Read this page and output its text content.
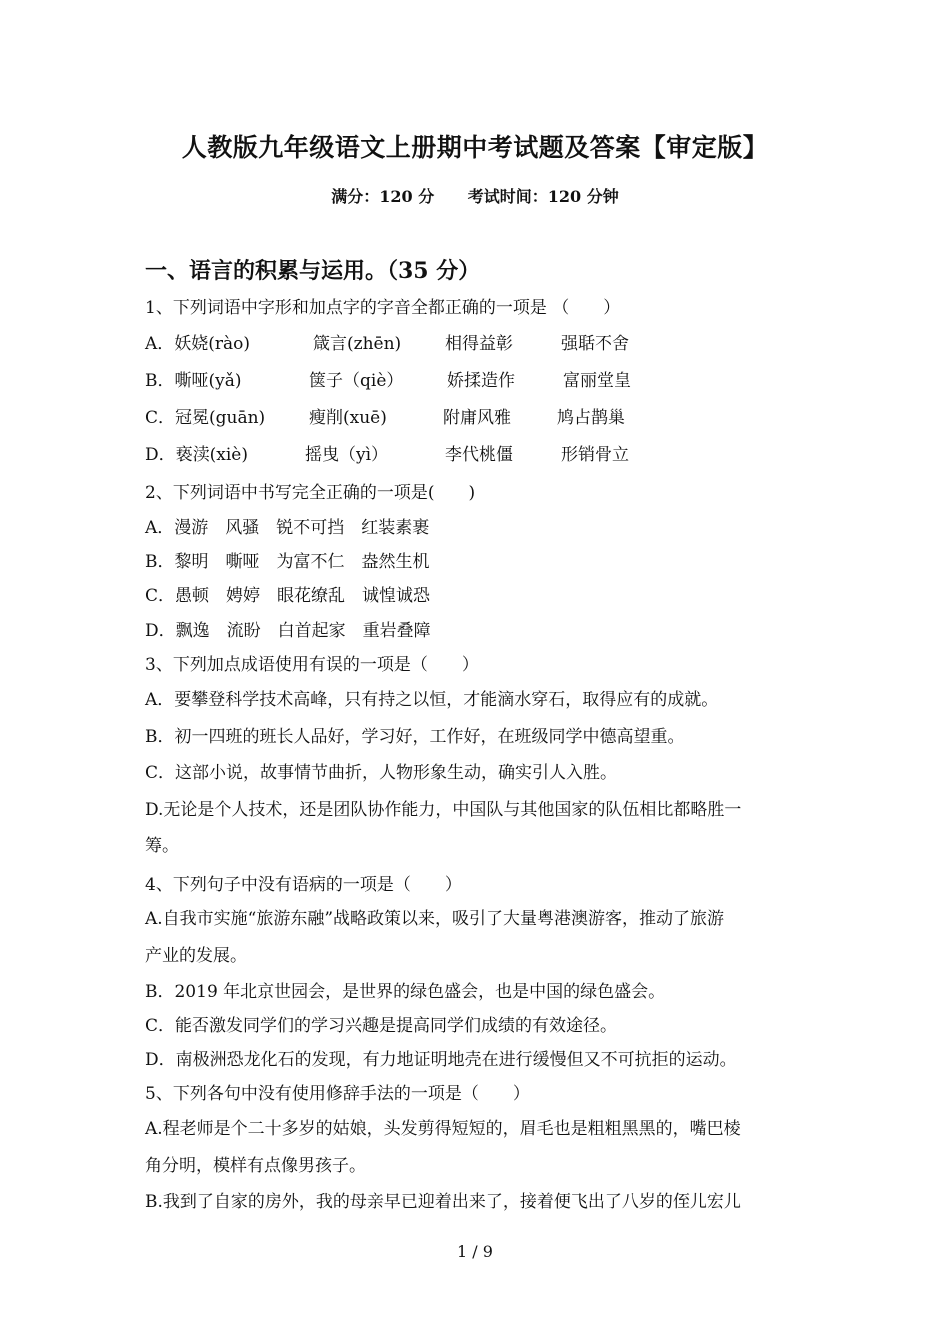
人教版九年级语文上册期中考试题及答案【审定版】
满分：120 分 考试时间：120 分钟
一、语言的积累与运用。（35 分）
1、下列词语中字形和加点字的字音全都正确的一项是 （　　）
A．妖娆(rào)	箴言(zhēn)	相得益彰	强聒不舍
B．嘶哑(yǎ)	箧子（qiè）	娇揉造作	富丽堂皇
C．冠冕(guān)	瘦削(xuē)	附庸风雅	鸠占鹊巢
D．亵渎(xiè)	摇曳（yì）	李代桃僵	形销骨立
2、下列词语中书写完全正确的一项是(　　)
A．漫游　风骚　锐不可挡　红装素裹
B．黎明　嘶哑　为富不仁　盎然生机
C．愚顿　娉婷　眼花缭乱　诚惶诚恐
D．飘逸　流盼　白首起家　重岩叠障
3、下列加点成语使用有误的一项是（　　）
A．要攀登科学技术高峰，只有持之以恒，才能滴水穿石，取得应有的成就。
B．初一四班的班长人品好，学习好，工作好，在班级同学中德高望重。
C．这部小说，故事情节曲折，人物形象生动，确实引人入胜。
D.无论是个人技术，还是团队协作能力，中国队与其他国家的队伍相比都略胜一
筹。
4、下列句子中没有语病的一项是（　　）
A.自我市实施“旅游东融”战略政策以来，吸引了大量粤港澳游客，推动了旅游
产业的发展。
B．2019 年北京世园会，是世界的绿色盛会，也是中国的绿色盛会。
C．能否激发同学们的学习兴趣是提高同学们成绩的有效途径。
D．南极洲恐龙化石的发现，有力地证明地壳在进行缓慢但又不可抗拒的运动。
5、下列各句中没有使用修辞手法的一项是（　　）
A.程老师是个二十多岁的姑娘，头发剪得短短的，眉毛也是粗粗黑黑的，嘴巴棱
角分明，模样有点像男孩子。
B.我到了自家的房外，我的母亲早已迎着出来了，接着便飞出了八岁的侄儿宏儿
1 / 9
